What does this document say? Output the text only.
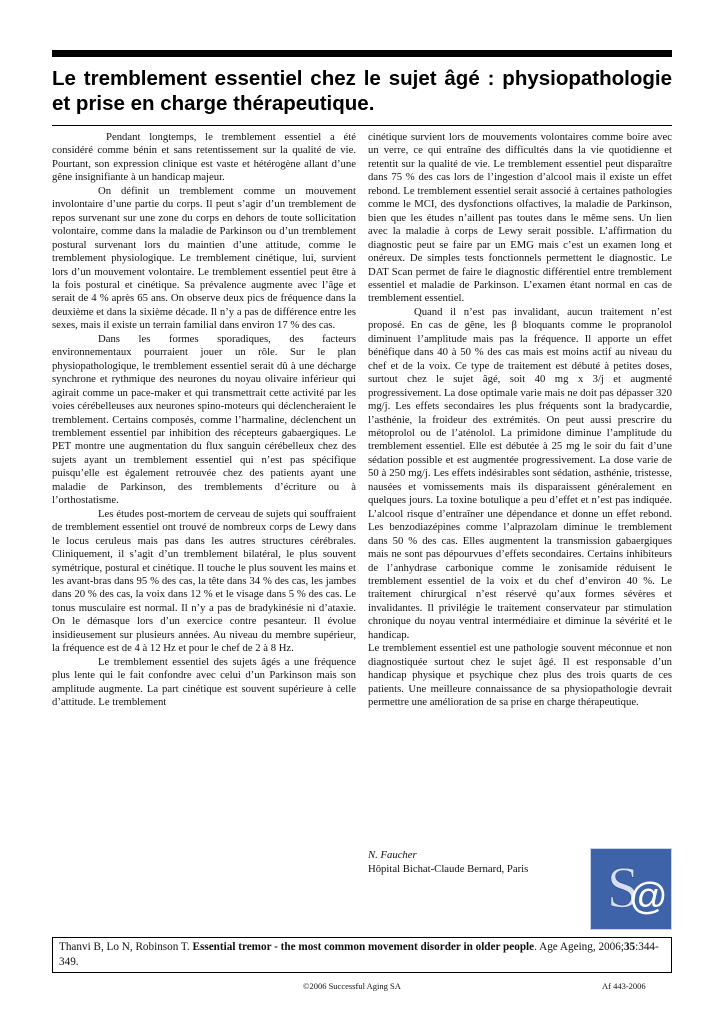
Le tremblement essentiel chez le sujet âgé : physiopathologie et prise en charge thérapeutique.

Pendant longtemps, le tremblement essentiel a été considéré comme bénin et sans retentissement sur la qualité de vie. Pourtant, son expression clinique est vaste et hétérogène allant d’une gêne insignifiante à un handicap majeur.

On définit un tremblement comme un mouvement involontaire d’une partie du corps. Il peut s’agir d’un tremblement de repos survenant sur une zone du corps en dehors de toute sollicitation volontaire, comme dans la maladie de Parkinson ou d’un tremblement postural survenant lors du maintien d’une attitude, comme le tremblement physiologique. Le tremblement cinétique, lui, survient lors d’un mouvement volontaire. Le tremblement essentiel peut être à la fois postural et cinétique. Sa prévalence augmente avec l’âge et serait de 4 % après 65 ans. On observe deux pics de fréquence dans la deuxième et dans la sixième décade. Il n’y a pas de différence entre les sexes, mais il existe un terrain familial dans environ 17 % des cas.

Dans les formes sporadiques, des facteurs environnementaux pourraient jouer un rôle. Sur le plan physiopathologique, le tremblement essentiel serait dû à une décharge synchrone et rythmique des neurones du noyau olivaire inférieur qui agirait comme un pace-maker et qui transmettrait cette activité par les voies cérébelleuses aux neurones spino-moteurs qui déclencheraient le tremblement. Certains composés, comme l’harmaline, déclenchent un tremblement essentiel par inhibition des récepteurs gabaergiques. Le PET montre une augmentation du flux sanguin cérébelleux chez des sujets ayant un tremblement essentiel qui n’est pas spécifique puisqu’elle est également retrouvée chez des patients ayant une maladie de Parkinson, des tremblements d’écriture ou à l’orthostatisme.

Les études post-mortem de cerveau de sujets qui souffraient de tremblement essentiel ont trouvé de nombreux corps de Lewy dans le locus ceruleus mais pas dans les autres structures cérébrales. Cliniquement, il s’agit d’un tremblement bilatéral, le plus souvent symétrique, postural et cinétique. Il touche le plus souvent les mains et les avant-bras dans 95 % des cas, la tête dans 34 % des cas, les jambes dans 20 % des cas, la voix dans 12 % et le visage dans 5 % des cas. Le tonus musculaire est normal. Il n’y a pas de bradykinésie ni d’ataxie. On le démasque lors d’un exercice contre pesanteur. Il évolue insidieusement sur plusieurs années. Au niveau du membre supérieur, la fréquence est de 4 à 12 Hz et pour le chef de 2 à 8 Hz.

Le tremblement essentiel des sujets âgés a une fréquence plus lente qui le fait confondre avec celui d’un Parkinson mais son amplitude augmente. La part cinétique est souvent supérieure à celle d’attitude. Le tremblement

cinétique survient lors de mouvements volontaires comme boire avec un verre, ce qui entraîne des difficultés dans la vie quotidienne et retentit sur la qualité de vie. Le tremblement essentiel peut disparaître dans 75 % des cas lors de l’ingestion d’alcool mais il existe un effet rebond. Le tremblement essentiel serait associé à certaines pathologies comme le MCI, des dysfonctions olfactives, la maladie de Parkinson, bien que les études n’aillent pas toutes dans le même sens. Un lien avec la maladie à corps de Lewy serait possible. L’affirmation du diagnostic peut se faire par un EMG mais c’est un examen long et onéreux. De simples tests fonctionnels permettent le diagnostic. Le DAT Scan permet de faire le diagnostic différentiel entre tremblement essentiel et maladie de Parkinson. L’examen étant normal en cas de tremblement essentiel.

Quand il n’est pas invalidant, aucun traitement n’est proposé. En cas de gêne, les β bloquants comme le propranolol diminuent l’amplitude mais pas la fréquence. Il apporte un effet bénéfique dans 40 à 50 % des cas mais est moins actif au niveau du chef et de la voix. Ce type de traitement est débuté à petites doses, surtout chez le sujet âgé, soit 40 mg x 3/j et augmenté progressivement. La dose optimale varie mais ne doit pas dépasser 320 mg/j. Les effets secondaires les plus fréquents sont la bradycardie, l’asthénie, la froideur des extrémités. On peut aussi prescrire du métoprolol ou de l’aténolol. La primidone diminue l’amplitude du tremblement essentiel. Elle est débutée à 25 mg le soir du fait d’une sédation possible et est augmentée progressivement. La dose varie de 50 à 250 mg/j. Les effets indésirables sont sédation, asthénie, tristesse, nausées et vomissements mais ils disparaissent généralement en quelques jours. La toxine botulique a peu d’effet et n’est pas indiquée. L’alcool risque d’entraîner une dépendance et donne un effet rebond. Les benzodiazépines comme l’alprazolam diminue le tremblement dans 50 % des cas. Elles augmentent la transmission gabaergiques mais ne sont pas dépourvues d’effets secondaires. Certains inhibiteurs de l’anhydrase carbonique comme le zonisamide réduisent le tremblement essentiel de la voix et du chef d’environ 40 %. Le traitement chirurgical n’est réservé qu’aux formes sévères et invalidantes. Il privilégie le traitement conservateur par stimulation chronique du noyau ventral intermédiaire et diminue la sévérité et le handicap.

Le tremblement essentiel est une pathologie souvent méconnue et non diagnostiquée surtout chez le sujet âgé. Il est responsable d’un handicap physique et psychique chez plus des trois quarts de ces patients. Une meilleure connaissance de sa physiopathologie devrait permettre une amélioration de sa prise en charge thérapeutique.

N. Faucher
Hôpital Bichat-Claude Bernard, Paris S
@
Thanvi B, Lo N, Robinson T. Essential tremor - the most common movement disorder in older people. Age Ageing, 2006;35:344-349.
©2006 Successful Aging SA	Af 443-2006
